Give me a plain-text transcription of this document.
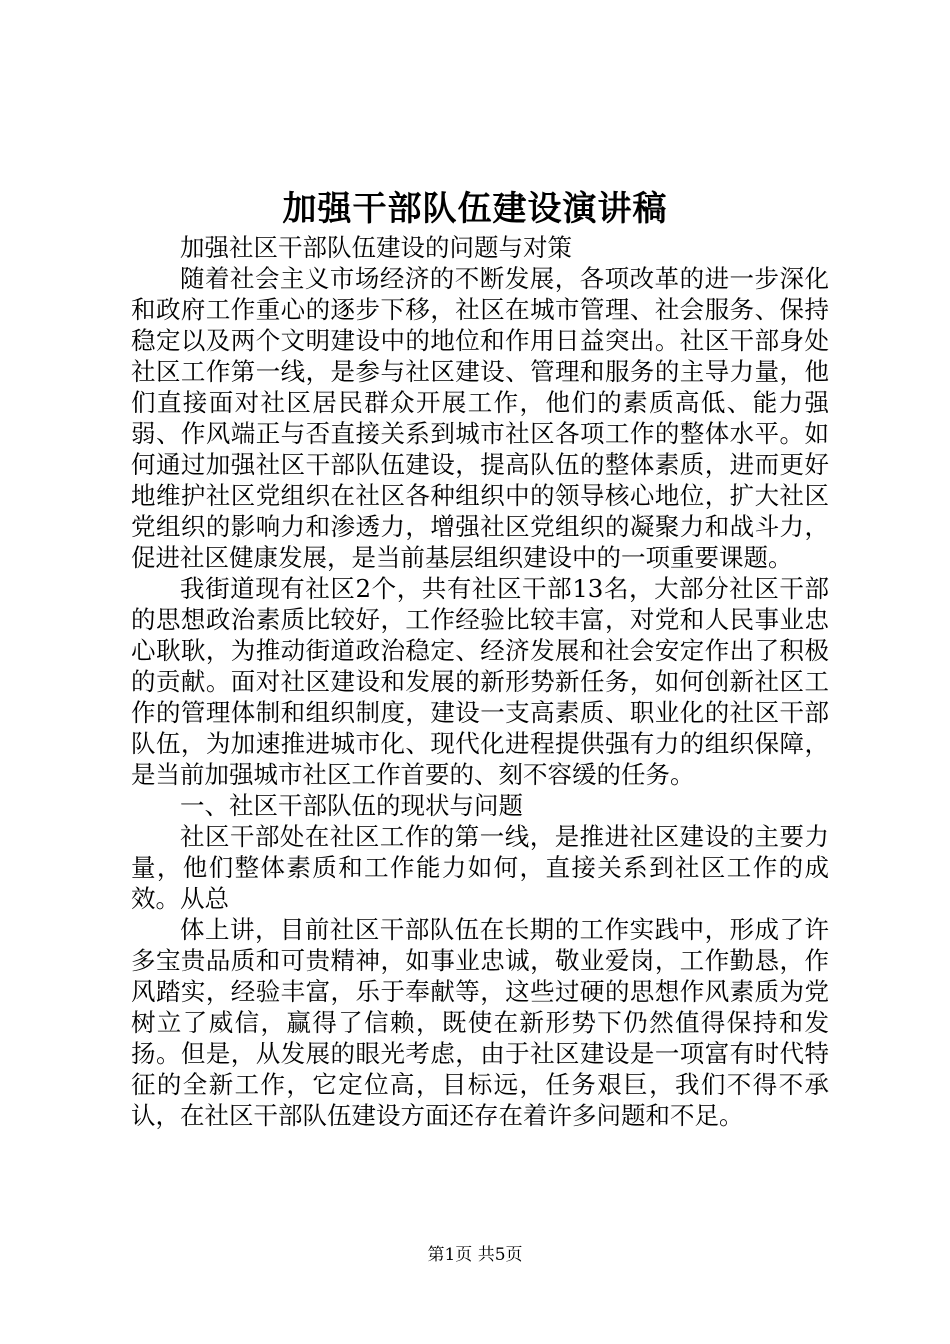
加强干部队伍建设演讲稿

加强社区干部队伍建设的问题与对策

随着社会主义市场经济的不断发展，各项改革的进一步深化和政府工作重心的逐步下移，社区在城市管理、社会服务、保持稳定以及两个文明建设中的地位和作用日益突出。社区干部身处社区工作第一线，是参与社区建设、管理和服务的主导力量，他们直接面对社区居民群众开展工作，他们的素质高低、能力强弱、作风端正与否直接关系到城市社区各项工作的整体水平。如何通过加强社区干部队伍建设，提高队伍的整体素质，进而更好地维护社区党组织在社区各种组织中的领导核心地位，扩大社区党组织的影响力和渗透力，增强社区党组织的凝聚力和战斗力，促进社区健康发展，是当前基层组织建设中的一项重要课题。

我街道现有社区2个，共有社区干部13名，大部分社区干部的思想政治素质比较好，工作经验比较丰富，对党和人民事业忠心耿耿，为推动街道政治稳定、经济发展和社会安定作出了积极的贡献。面对社区建设和发展的新形势新任务，如何创新社区工作的管理体制和组织制度，建设一支高素质、职业化的社区干部队伍，为加速推进城市化、现代化进程提供强有力的组织保障，是当前加强城市社区工作首要的、刻不容缓的任务。

一、社区干部队伍的现状与问题

社区干部处在社区工作的第一线，是推进社区建设的主要力量，他们整体素质和工作能力如何，直接关系到社区工作的成效。从总

体上讲，目前社区干部队伍在长期的工作实践中，形成了许多宝贵品质和可贵精神，如事业忠诚，敬业爱岗，工作勤恳，作风踏实，经验丰富，乐于奉献等，这些过硬的思想作风素质为党树立了威信，赢得了信赖，既使在新形势下仍然值得保持和发扬。但是，从发展的眼光考虑，由于社区建设是一项富有时代特征的全新工作，它定位高，目标远，任务艰巨，我们不得不承认，在社区干部队伍建设方面还存在着许多问题和不足。

第1页 共5页
